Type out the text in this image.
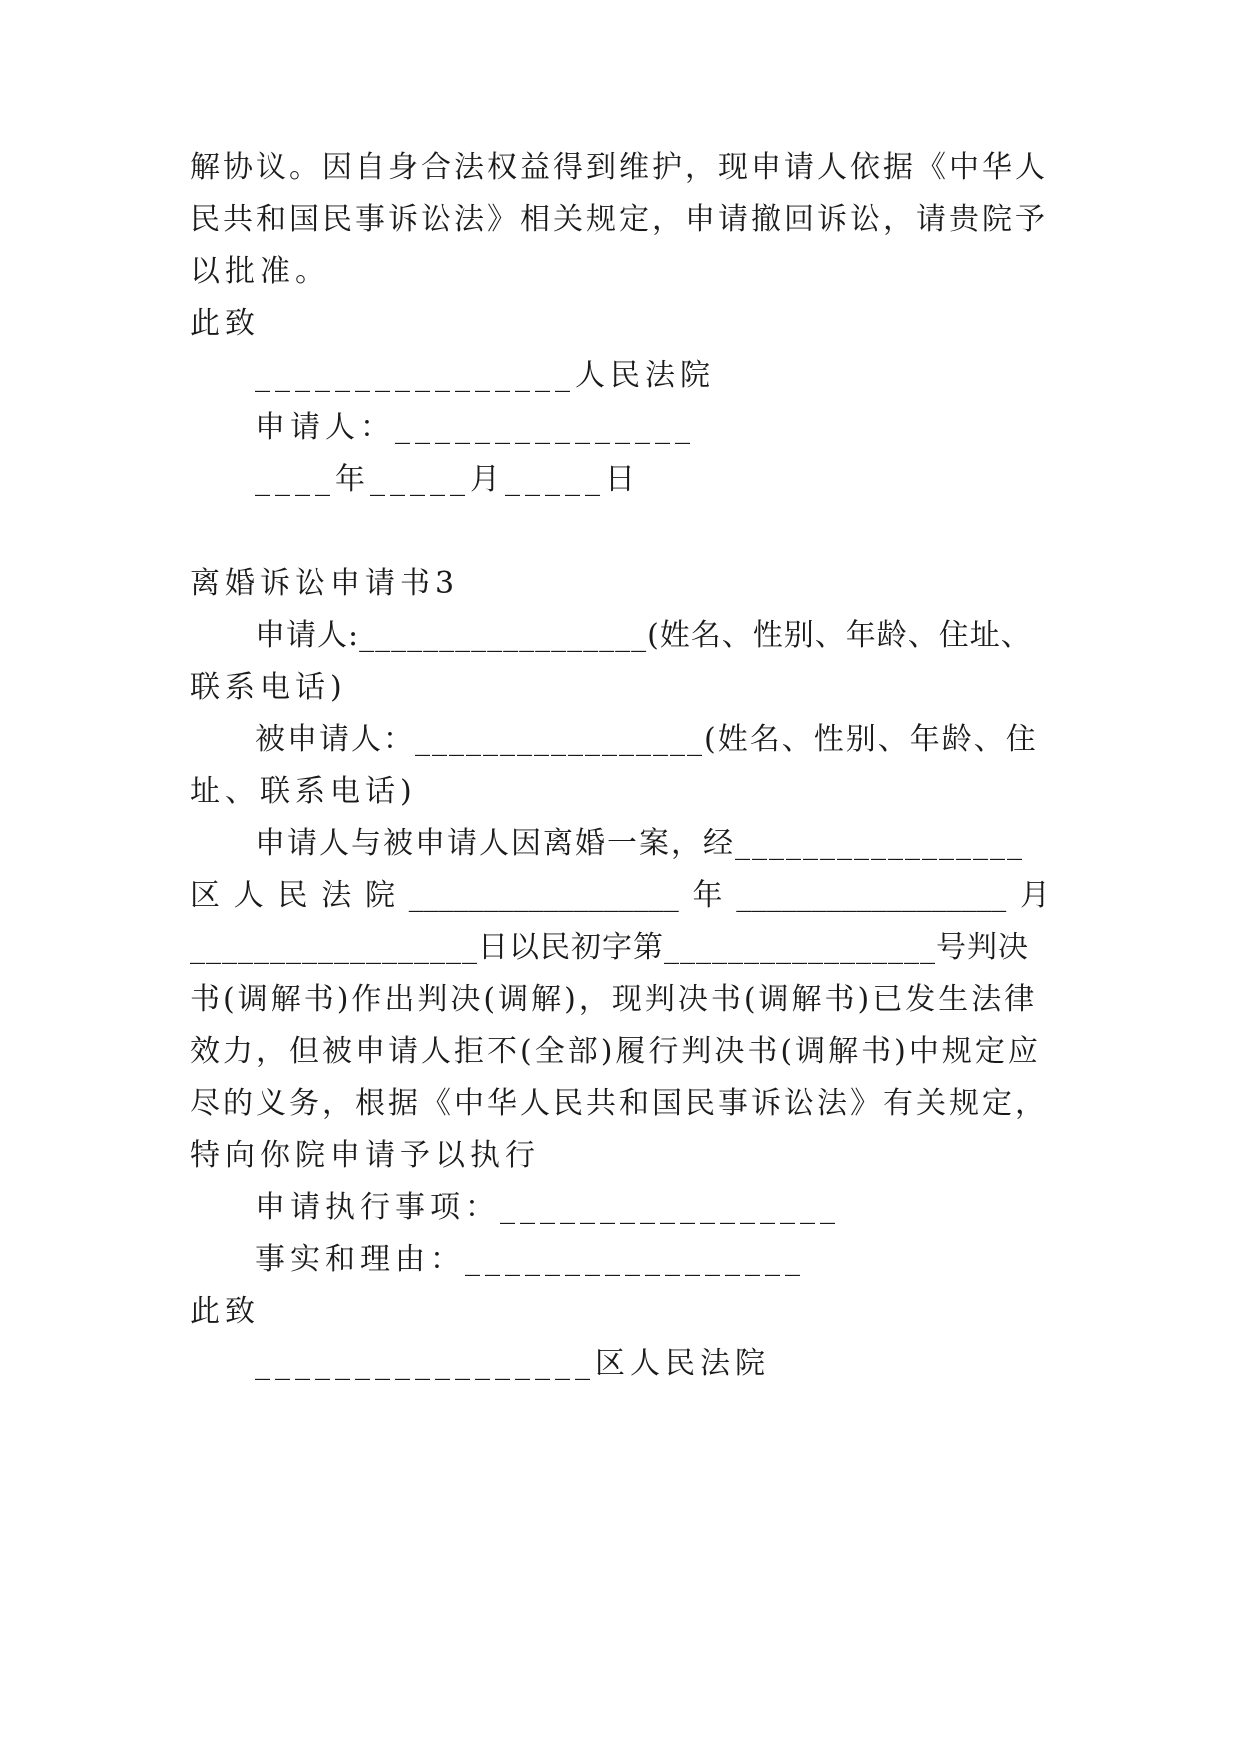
解协议。因自身合法权益得到维护，现申请人依据《中华人
民共和国民事诉讼法》相关规定，申请撤回诉讼，请贵院予
以批准。
此致
________________人民法院
申请人：_______________
____年_____月_____日
离婚诉讼申请书3
申请人:__________________(姓名、性别、年龄、住址、
联系电话)
被申请人：_________________(姓名、性别、年龄、住
址、联系电话)
申请人与被申请人因离婚一案，经_________________
区 人 民 法 院 __________________ 年 __________________ 月
__________________日以民初字第_________________号判决
书(调解书)作出判决(调解)，现判决书(调解书)已发生法律
效力，但被申请人拒不(全部)履行判决书(调解书)中规定应
尽的义务，根据《中华人民共和国民事诉讼法》有关规定，
特向你院申请予以执行
申请执行事项：_________________
事实和理由：_________________
此致
_________________区人民法院
